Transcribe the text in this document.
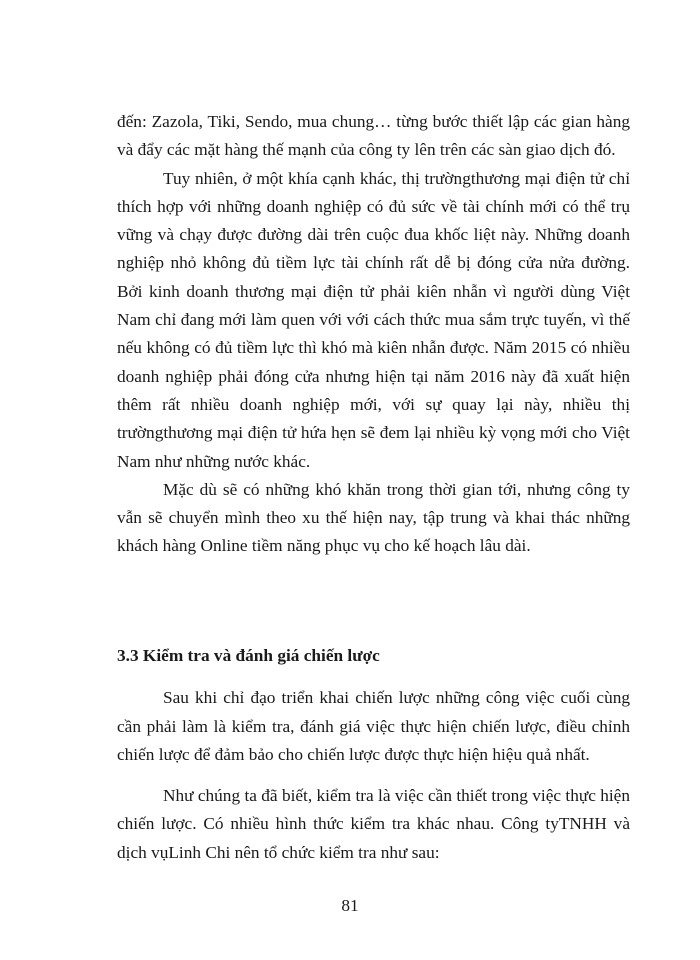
đến: Zazola, Tiki, Sendo, mua chung… từng bước thiết lập các gian hàng và đẩy các mặt hàng thế mạnh của công ty lên trên các sàn giao dịch đó.

Tuy nhiên, ở một khía cạnh khác, thị trườngthương mại điện tử chỉ thích hợp với những doanh nghiệp có đủ sức về tài chính mới có thể trụ vững và chạy được đường dài trên cuộc đua khốc liệt này. Những doanh nghiệp nhỏ không đủ tiềm lực tài chính rất dễ bị đóng cửa nửa đường. Bởi kinh doanh thương mại điện tử phải kiên nhẫn vì người dùng Việt Nam chỉ đang mới làm quen với với cách thức mua sắm trực tuyến, vì thế nếu không có đủ tiềm lực thì khó mà kiên nhẫn được. Năm 2015 có nhiều doanh nghiệp phải đóng cửa nhưng hiện tại năm 2016 này đã xuất hiện thêm rất nhiều doanh nghiệp mới, với sự quay lại này, nhiều thị trườngthương mại điện tử hứa hẹn sẽ đem lại nhiều kỳ vọng mới cho Việt Nam như những nước khác.

Mặc dù sẽ có những khó khăn trong thời gian tới, nhưng công ty vẫn sẽ chuyển mình theo xu thế hiện nay, tập trung và khai thác những khách hàng Online tiềm năng phục vụ cho kế hoạch lâu dài.

3.3 Kiểm tra và đánh giá chiến lược

Sau khi chỉ đạo triển khai chiến lược những công việc cuối cùng cần phải làm là kiểm tra, đánh giá việc thực hiện chiến lược, điều chỉnh chiến lược để đảm bảo cho chiến lược được thực hiện hiệu quả nhất.

Như chúng ta đã biết, kiểm tra là việc cần thiết trong việc thực hiện chiến lược. Có nhiều hình thức kiểm tra khác nhau. Công tyTNHH và dịch vụLinh Chi nên tổ chức kiểm tra như sau:

81
